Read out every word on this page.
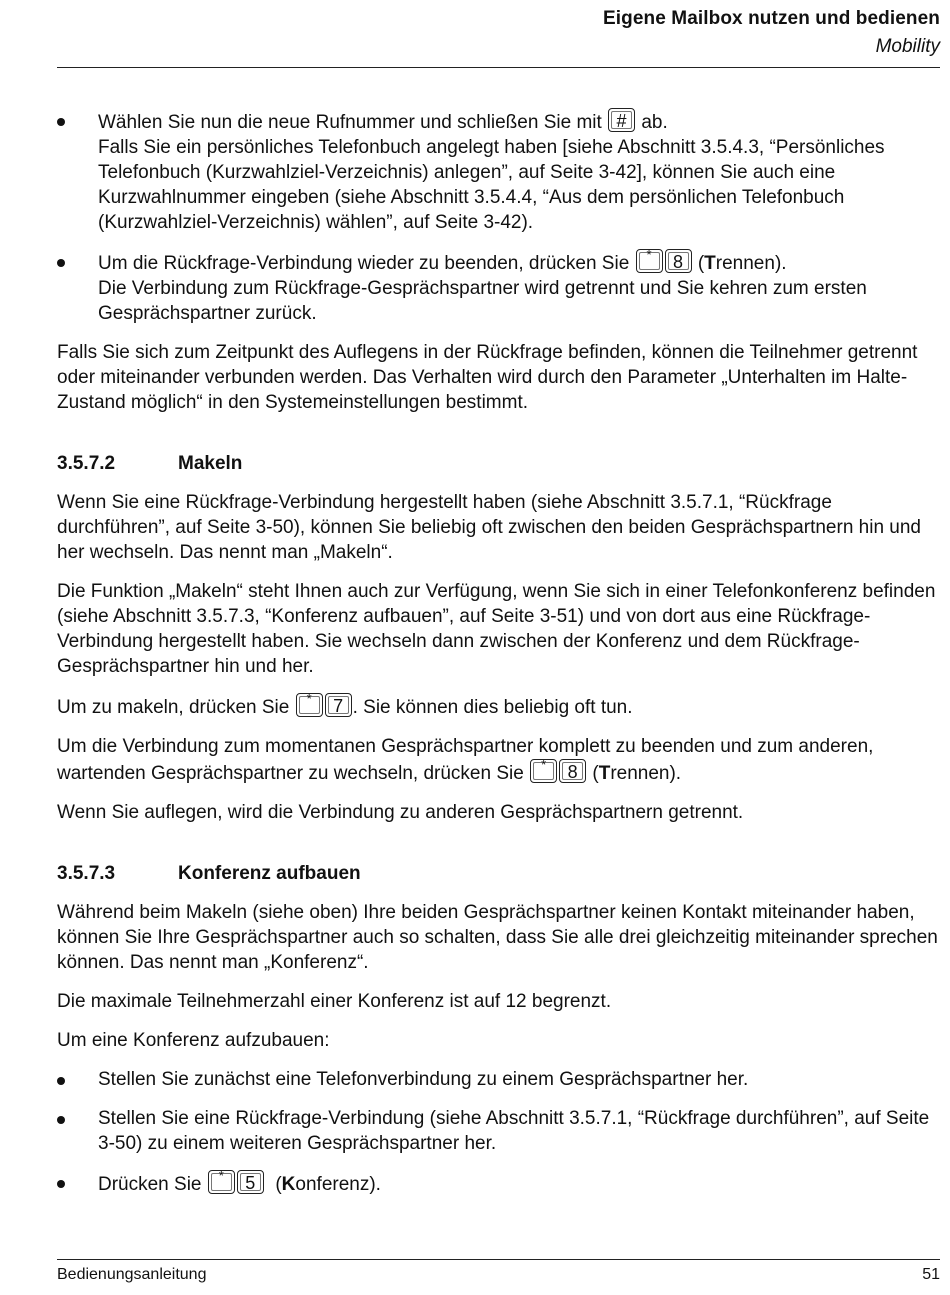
Eigene Mailbox nutzen und bedienen
Mobility
Wählen Sie nun die neue Rufnummer und schließen Sie mit # ab.
Falls Sie ein persönliches Telefonbuch angelegt haben [siehe Abschnitt 3.5.4.3, “Persönliches Telefonbuch (Kurzwahlziel-Verzeichnis) anlegen”, auf Seite 3-42], können Sie auch eine Kurzwahlnummer eingeben (siehe Abschnitt 3.5.4.4, “Aus dem persönlichen Telefonbuch (Kurzwahlziel-Verzeichnis) wählen”, auf Seite 3-42).
Um die Rückfrage-Verbindung wieder zu beenden, drücken Sie	*	8 (Trennen).
Die Verbindung zum Rückfrage-Gesprächspartner wird getrennt und Sie kehren zum ersten Gesprächspartner zurück.

Falls Sie sich zum Zeitpunkt des Auflegens in der Rückfrage befinden, können die Teilnehmer getrennt oder miteinander verbunden werden. Das Verhalten wird durch den Parameter „Unterhalten im Halte-Zustand möglich“ in den Systemeinstellungen bestimmt.

3.5.7.2	Makeln

Wenn Sie eine Rückfrage-Verbindung hergestellt haben (siehe Abschnitt 3.5.7.1, “Rückfrage durchführen”, auf Seite 3-50), können Sie beliebig oft zwischen den beiden Gesprächspartnern hin und her wechseln. Das nennt man „Makeln“.

Die Funktion „Makeln“ steht Ihnen auch zur Verfügung, wenn Sie sich in einer Telefonkonferenz befinden (siehe Abschnitt 3.5.7.3, “Konferenz aufbauen”, auf Seite 3-51) und von dort aus eine Rückfrage-Verbindung hergestellt haben. Sie wechseln dann zwischen der Konferenz und dem Rückfrage-Gesprächspartner hin und her.

Um zu makeln, drücken Sie	*	7 . Sie können dies beliebig oft tun.

Um die Verbindung zum momentanen Gesprächspartner komplett zu beenden und zum anderen, wartenden Gesprächspartner zu wechseln, drücken Sie	*	8 (Trennen).

Wenn Sie auflegen, wird die Verbindung zu anderen Gesprächspartnern getrennt.

3.5.7.3	Konferenz aufbauen

Während beim Makeln (siehe oben) Ihre beiden Gesprächspartner keinen Kontakt miteinander haben, können Sie Ihre Gesprächspartner auch so schalten, dass Sie alle drei gleichzeitig miteinander sprechen können. Das nennt man „Konferenz“.

Die maximale Teilnehmerzahl einer Konferenz ist auf 12 begrenzt.

Um eine Konferenz aufzubauen:

Stellen Sie zunächst eine Telefonverbindung zu einem Gesprächspartner her.
Stellen Sie eine Rückfrage-Verbindung (siehe Abschnitt 3.5.7.1, “Rückfrage durchführen”, auf Seite 3-50) zu einem weiteren Gesprächspartner her.
Drücken Sie	*	5 (Konferenz).
Bedienungsanleitung	51
